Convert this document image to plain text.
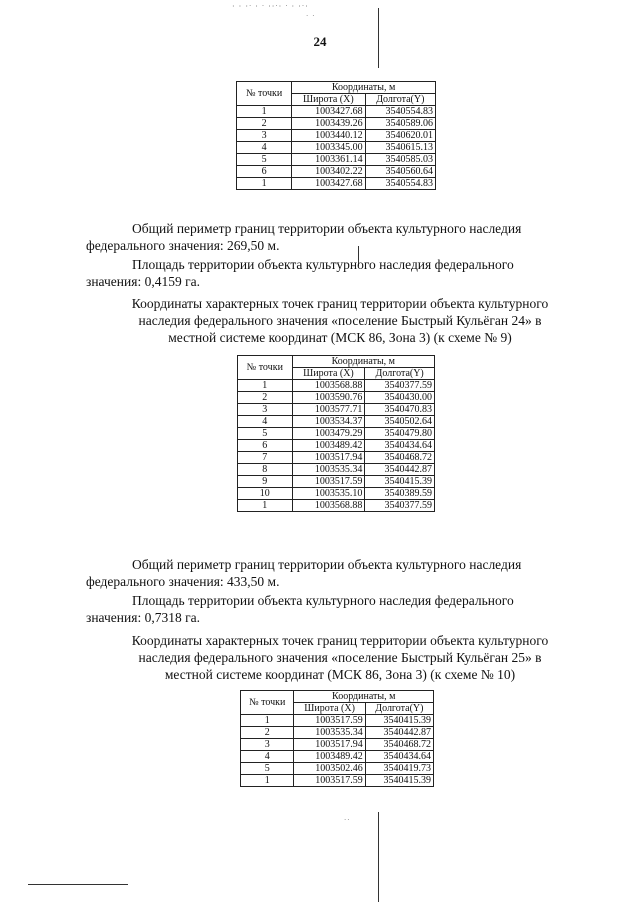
· · ·ˑ · ˑ ··ˑ· ˑ · ·ˑ·
ˑ ˑ
24
№ точки	Координаты, м	
	Широта (Х)	Долгота(Y)
1	1003427.68	3540554.83
2	1003439.26	3540589.06
3	1003440.12	3540620.01
4	1003345.00	3540615.13
5	1003361.14	3540585.03
6	1003402.22	3540560.64
1	1003427.68	3540554.83
Общий периметр границ территории объекта культурного наследия
федерального значения: 269,50 м.
Площадь территории объекта культурного наследия федерального
значения: 0,4159 га.
Координаты характерных точек границ территории объекта культурного
наследия федерального значения «поселение Быстрый Кульёган 24» в
местной системе координат (МСК 86, Зона 3) (к схеме № 9)
№ точки	Координаты, м	
	Широта (Х)	Долгота(Y)
1	1003568.88	3540377.59
2	1003590.76	3540430.00
3	1003577.71	3540470.83
4	1003534.37	3540502.64
5	1003479.29	3540479.80
6	1003489.42	3540434.64
7	1003517.94	3540468.72
8	1003535.34	3540442.87
9	1003517.59	3540415.39
10	1003535.10	3540389.59
1	1003568.88	3540377.59
Общий периметр границ территории объекта культурного наследия
федерального значения: 433,50 м.
Площадь территории объекта культурного наследия федерального
значения: 0,7318 га.
Координаты характерных точек границ территории объекта культурного
наследия федерального значения «поселение Быстрый Кульёган 25» в
местной системе координат (МСК 86, Зона 3) (к схеме № 10)
№ точки	Координаты, м	
	Широта (Х)	Долгота(Y)
1	1003517.59	3540415.39
2	1003535.34	3540442.87
3	1003517.94	3540468.72
4	1003489.42	3540434.64
5	1003502.46	3540419.73
1	1003517.59	3540415.39
ˑˑ
